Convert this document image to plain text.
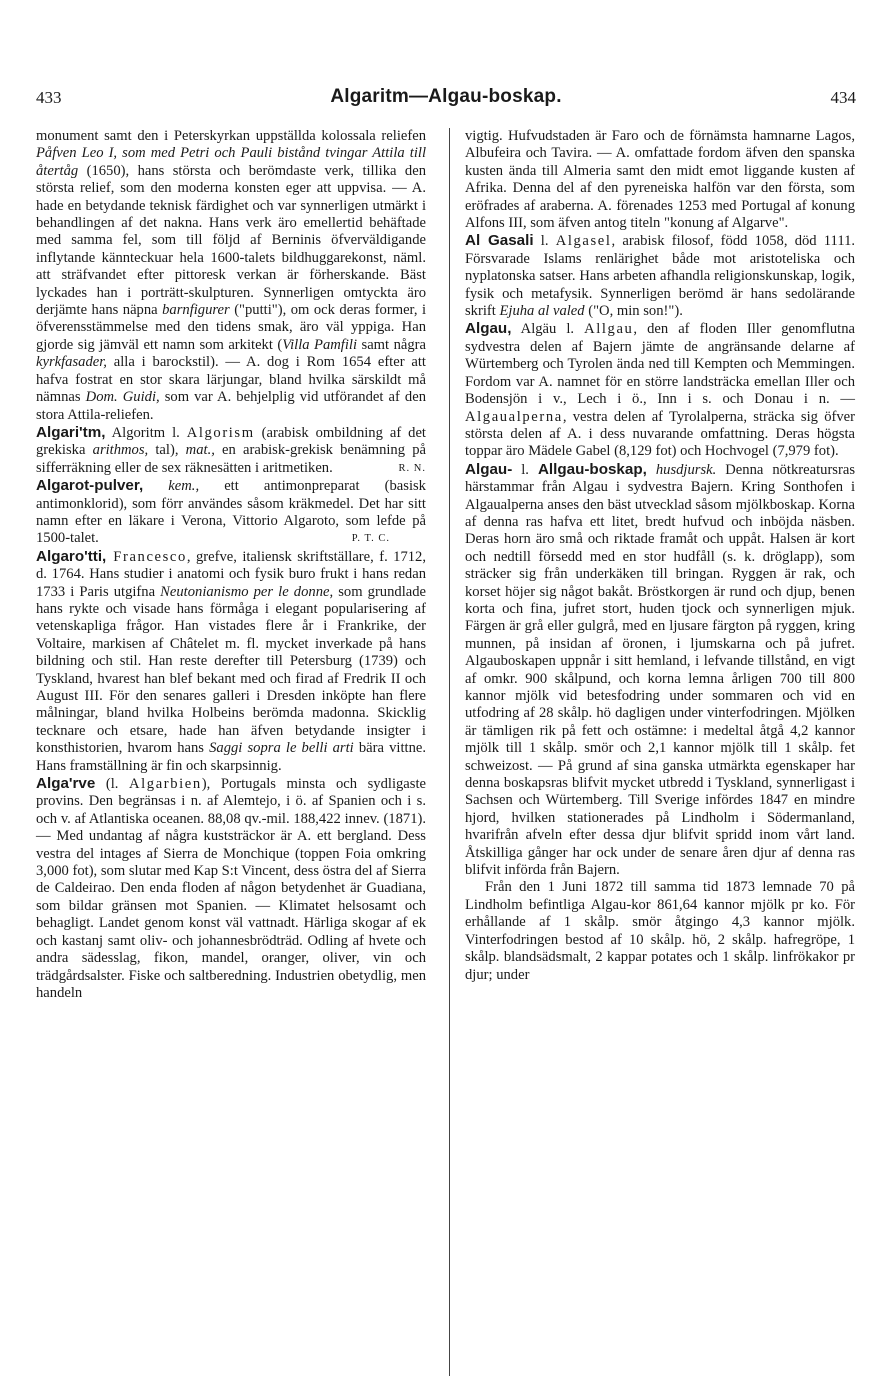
433	Algaritm—Algau-boskap.	434

monument samt den i Peterskyrkan uppställda kolossala reliefen Påfven Leo I, som med Petri och Pauli bistånd tvingar Attila till återtåg (1650), hans största och berömdaste verk, tillika den största relief, som den moderna konsten eger att uppvisa. — A. hade en betydande teknisk färdighet och var synnerligen utmärkt i behandlingen af det nakna. Hans verk äro emellertid behäftade med samma fel, som till följd af Berninis öfverväldigande inflytande kännteckuar hela 1600-talets bildhuggarekonst, näml. att sträfvandet efter pittoresk verkan är förherskande. Bäst lyckades han i porträtt-skulpturen. Synnerligen omtyckta äro derjämte hans näpna barnfigurer ("putti"), om ock deras former, i öfverensstämmelse med den tidens smak, äro väl yppiga. Han gjorde sig jämväl ett namn som arkitekt (Villa Pamfili samt några kyrkfasader, alla i barockstil). — A. dog i Rom 1654 efter att hafva fostrat en stor skara lärjungar, bland hvilka särskildt må nämnas Dom. Guidi, som var A. behjelplig vid utförandet af den stora Attila-reliefen.

Algari'tm, Algoritm l. Algorism (arabisk ombildning af det grekiska arithmos, tal), mat., en arabisk-grekisk benämning på sifferräkning eller de sex räknesätten i aritmetiken.	R. N.

Algarot-pulver, kem., ett antimonpreparat (basisk antimonklorid), som förr användes såsom kräkmedel. Det har sitt namn efter en läkare i Verona, Vittorio Algaroto, som lefde på 1500-talet.	P. T. C.

Algaro'tti, Francesco, grefve, italiensk skriftställare, f. 1712, d. 1764. Hans studier i anatomi och fysik buro frukt i hans redan 1733 i Paris utgifna Neutonianismo per le donne, som grundlade hans rykte och visade hans förmåga i elegant popularisering af vetenskapliga frågor. Han vistades flere år i Frankrike, der Voltaire, markisen af Châtelet m. fl. mycket inverkade på hans bildning och stil. Han reste derefter till Petersburg (1739) och Tyskland, hvarest han blef bekant med och firad af Fredrik II och August III. För den senares galleri i Dresden inköpte han flere målningar, bland hvilka Holbeins berömda madonna. Skicklig tecknare och etsare, hade han äfven betydande insigter i konsthistorien, hvarom hans Saggi sopra le belli arti bära vittne. Hans framställning är fin och skarpsinnig.

Alga'rve (l. Algarbien), Portugals minsta och sydligaste provins. Den begränsas i n. af Alemtejo, i ö. af Spanien och i s. och v. af Atlantiska oceanen. 88,08 qv.-mil. 188,422 innev. (1871). — Med undantag af några kuststräckor är A. ett bergland. Dess vestra del intages af Sierra de Monchique (toppen Foia omkring 3,000 fot), som slutar med Kap S:t Vincent, dess östra del af Sierra de Caldeirao. Den enda floden af någon betydenhet är Guadiana, som bildar gränsen mot Spanien. — Klimatet helsosamt och behagligt. Landet genom konst väl vattnadt. Härliga skogar af ek och kastanj samt oliv- och johannesbrödträd. Odling af hvete och andra sädesslag, fikon, mandel, oranger, oliver, vin och trädgårdsalster. Fiske och saltberedning. Industrien obetydlig, men handeln

vigtig. Hufvudstaden är Faro och de förnämsta hamnarne Lagos, Albufeira och Tavira. — A. omfattade fordom äfven den spanska kusten ända till Almeria samt den midt emot liggande kusten af Afrika. Denna del af den pyreneiska halfön var den första, som eröfrades af araberna. A. förenades 1253 med Portugal af konung Alfons III, som äfven antog titeln "konung af Algarve".

Al Gasali l. Algasel, arabisk filosof, född 1058, död 1111. Försvarade Islams renlärighet både mot aristoteliska och nyplatonska satser. Hans arbeten afhandla religionskunskap, logik, fysik och metafysik. Synnerligen berömd är hans sedolärande skrift Ejuha al valed ("O, min son!").

Algau, Algäu l. Allgau, den af floden Iller genomflutna sydvestra delen af Bajern jämte de angränsande delarne af Würtemberg och Tyrolen ända ned till Kempten och Memmingen. Fordom var A. namnet för en större landsträcka emellan Iller och Bodensjön i v., Lech i ö., Inn i s. och Donau i n. —Algaualperna, vestra delen af Tyrolalperna, sträcka sig öfver största delen af A. i dess nuvarande omfattning. Deras högsta toppar äro Mädele Gabel (8,129 fot) och Hochvogel (7,979 fot).

Algau- l. Allgau-boskap, husdjursk. Denna nötkreatursras härstammar från Algau i sydvestra Bajern. Kring Sonthofen i Algaualperna anses den bäst utvecklad såsom mjölkboskap. Korna af denna ras hafva ett litet, bredt hufvud och inböjda näsben. Deras horn äro små och riktade framåt och uppåt. Halsen är kort och nedtill försedd med en stor hudfåll (s. k. dröglapp), som sträcker sig från underkäken till bringan. Ryggen är rak, och korset höjer sig något bakåt. Bröstkorgen är rund och djup, benen korta och fina, jufret stort, huden tjock och synnerligen mjuk. Färgen är grå eller gulgrå, med en ljusare färgton på ryggen, kring munnen, på insidan af öronen, i ljumskarna och på jufret. Algauboskapen uppnår i sitt hemland, i lefvande tillstånd, en vigt af omkr. 900 skålpund, och korna lemna årligen 700 till 800 kannor mjölk vid betesfodring under sommaren och vid en utfodring af 28 skålp. hö dagligen under vinterfodringen. Mjölken är tämligen rik på fett och ostämne: i medeltal åtgå 4,2 kannor mjölk till 1 skålp. smör och 2,1 kannor mjölk till 1 skålp. fet schweizost. — På grund af sina ganska utmärkta egenskaper har denna boskapsras blifvit mycket utbredd i Tyskland, synnerligast i Sachsen och Würtemberg. Till Sverige infördes 1847 en mindre hjord, hvilken stationerades på Lindholm i Södermanland, hvarifrån afveln efter dessa djur blifvit spridd inom vårt land. Åtskilliga gånger har ock under de senare åren djur af denna ras blifvit införda från Bajern.

Från den 1 Juni 1872 till samma tid 1873 lemnade 70 på Lindholm befintliga Algau-kor 861,64 kannor mjölk pr ko. För erhållande af 1 skålp. smör åtgingo 4,3 kannor mjölk. Vinterfodringen bestod af 10 skålp. hö, 2 skålp. hafregröpe, 1 skålp. blandsädsmalt, 2 kappar potates och 1 skålp. linfrökakor pr djur; under
